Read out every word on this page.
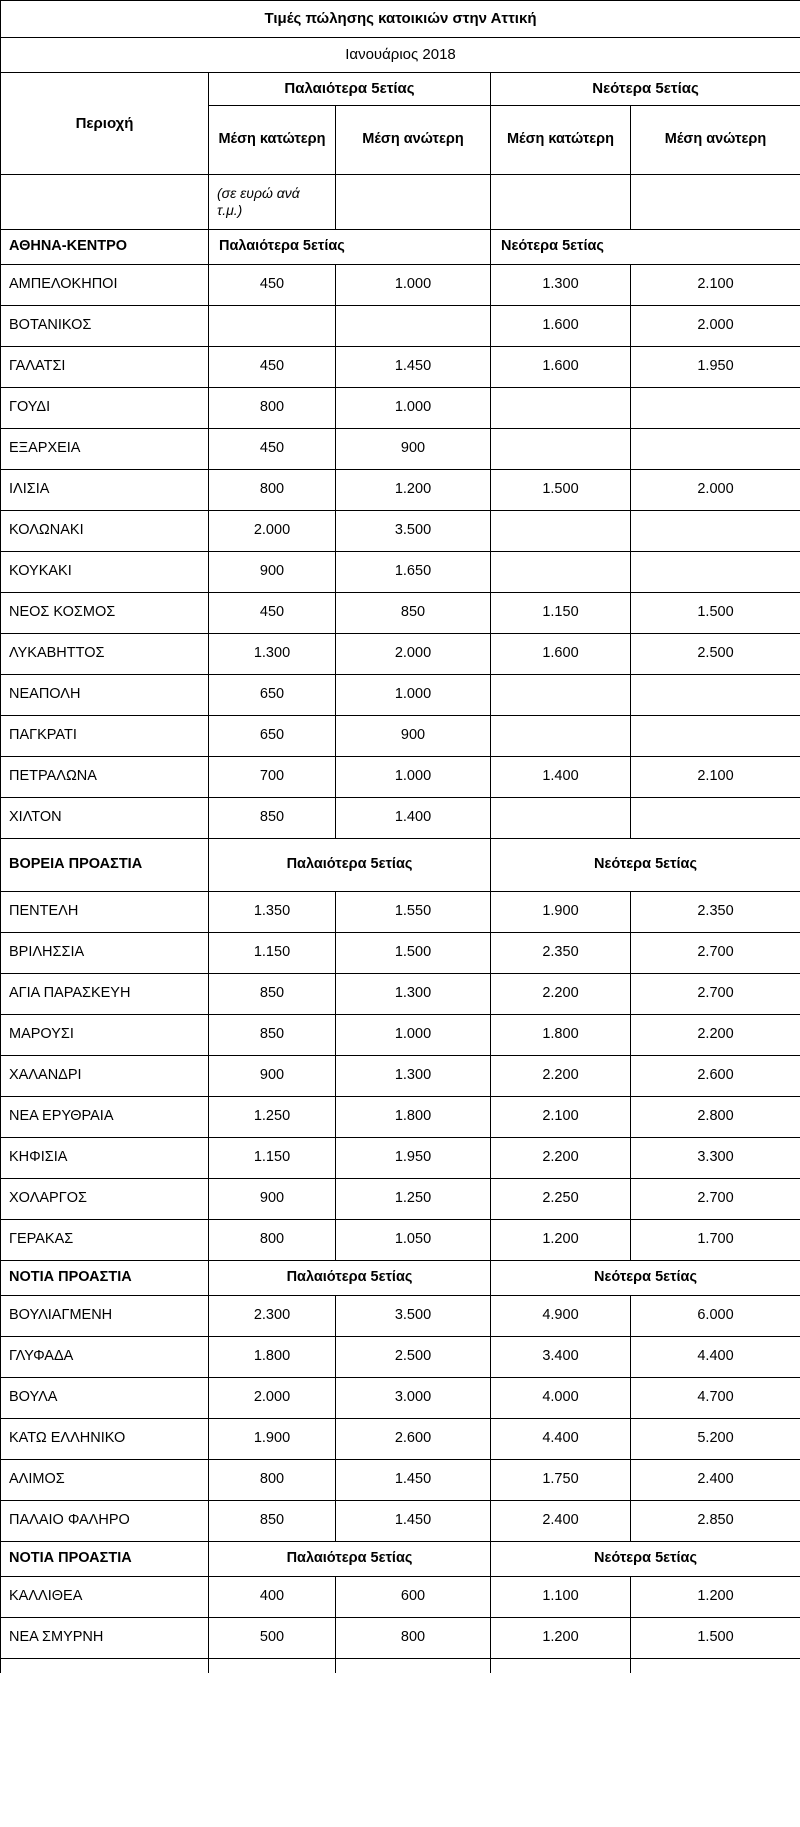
Τιμές πώλησης κατοικιών στην Αττική				
Ιανουάριος 2018				
Περιοχή	Παλαιότερα 5ετίας		Νεότερα 5ετίας	
	Μέση κατώτερη	Μέση ανώτερη	Μέση κατώτερη	Μέση ανώτερη
	(σε ευρώ ανά τ.μ.)			
ΑΘΗΝΑ-ΚΕΝΤΡΟ	Παλαιότερα 5ετίας		Νεότερα 5ετίας	
ΑΜΠΕΛΟΚΗΠΟΙ	450	1.000	1.300	2.100
ΒΟΤΑΝΙΚΟΣ			1.600	2.000
ΓΑΛΑΤΣΙ	450	1.450	1.600	1.950
ΓΟΥΔΙ	800	1.000		
ΕΞΑΡΧΕΙΑ	450	900		
ΙΛΙΣΙΑ	800	1.200	1.500	2.000
ΚΟΛΩΝΑΚΙ	2.000	3.500		
ΚΟΥΚΑΚΙ	900	1.650		
ΝΕΟΣ ΚΟΣΜΟΣ	450	850	1.150	1.500
ΛΥΚΑΒΗΤΤΟΣ	1.300	2.000	1.600	2.500
ΝΕΑΠΟΛΗ	650	1.000		
ΠΑΓΚΡΑΤΙ	650	900		
ΠΕΤΡΑΛΩΝΑ	700	1.000	1.400	2.100
ΧΙΛΤΟΝ	850	1.400		
ΒΟΡΕΙΑ ΠΡΟΑΣΤΙΑ	Παλαιότερα 5ετίας		Νεότερα 5ετίας	
ΠΕΝΤΕΛΗ	1.350	1.550	1.900	2.350
ΒΡΙΛΗΣΣΙΑ	1.150	1.500	2.350	2.700
ΑΓΙΑ ΠΑΡΑΣΚΕΥΗ	850	1.300	2.200	2.700
ΜΑΡΟΥΣΙ	850	1.000	1.800	2.200
ΧΑΛΑΝΔΡΙ	900	1.300	2.200	2.600
ΝΕΑ ΕΡΥΘΡΑΙΑ	1.250	1.800	2.100	2.800
ΚΗΦΙΣΙΑ	1.150	1.950	2.200	3.300
ΧΟΛΑΡΓΟΣ	900	1.250	2.250	2.700
ΓΕΡΑΚΑΣ	800	1.050	1.200	1.700
ΝΟΤΙΑ ΠΡΟΑΣΤΙΑ	Παλαιότερα 5ετίας		Νεότερα 5ετίας	
ΒΟΥΛΙΑΓΜΕΝΗ	2.300	3.500	4.900	6.000
ΓΛΥΦΑΔΑ	1.800	2.500	3.400	4.400
ΒΟΥΛΑ	2.000	3.000	4.000	4.700
ΚΑΤΩ ΕΛΛΗΝΙΚΟ	1.900	2.600	4.400	5.200
ΑΛΙΜΟΣ	800	1.450	1.750	2.400
ΠΑΛΑΙΟ ΦΑΛΗΡΟ	850	1.450	2.400	2.850
ΝΟΤΙΑ ΠΡΟΑΣΤΙΑ	Παλαιότερα 5ετίας		Νεότερα 5ετίας	
ΚΑΛΛΙΘΕΑ	400	600	1.100	1.200
ΝΕΑ ΣΜΥΡΝΗ	500	800	1.200	1.500
